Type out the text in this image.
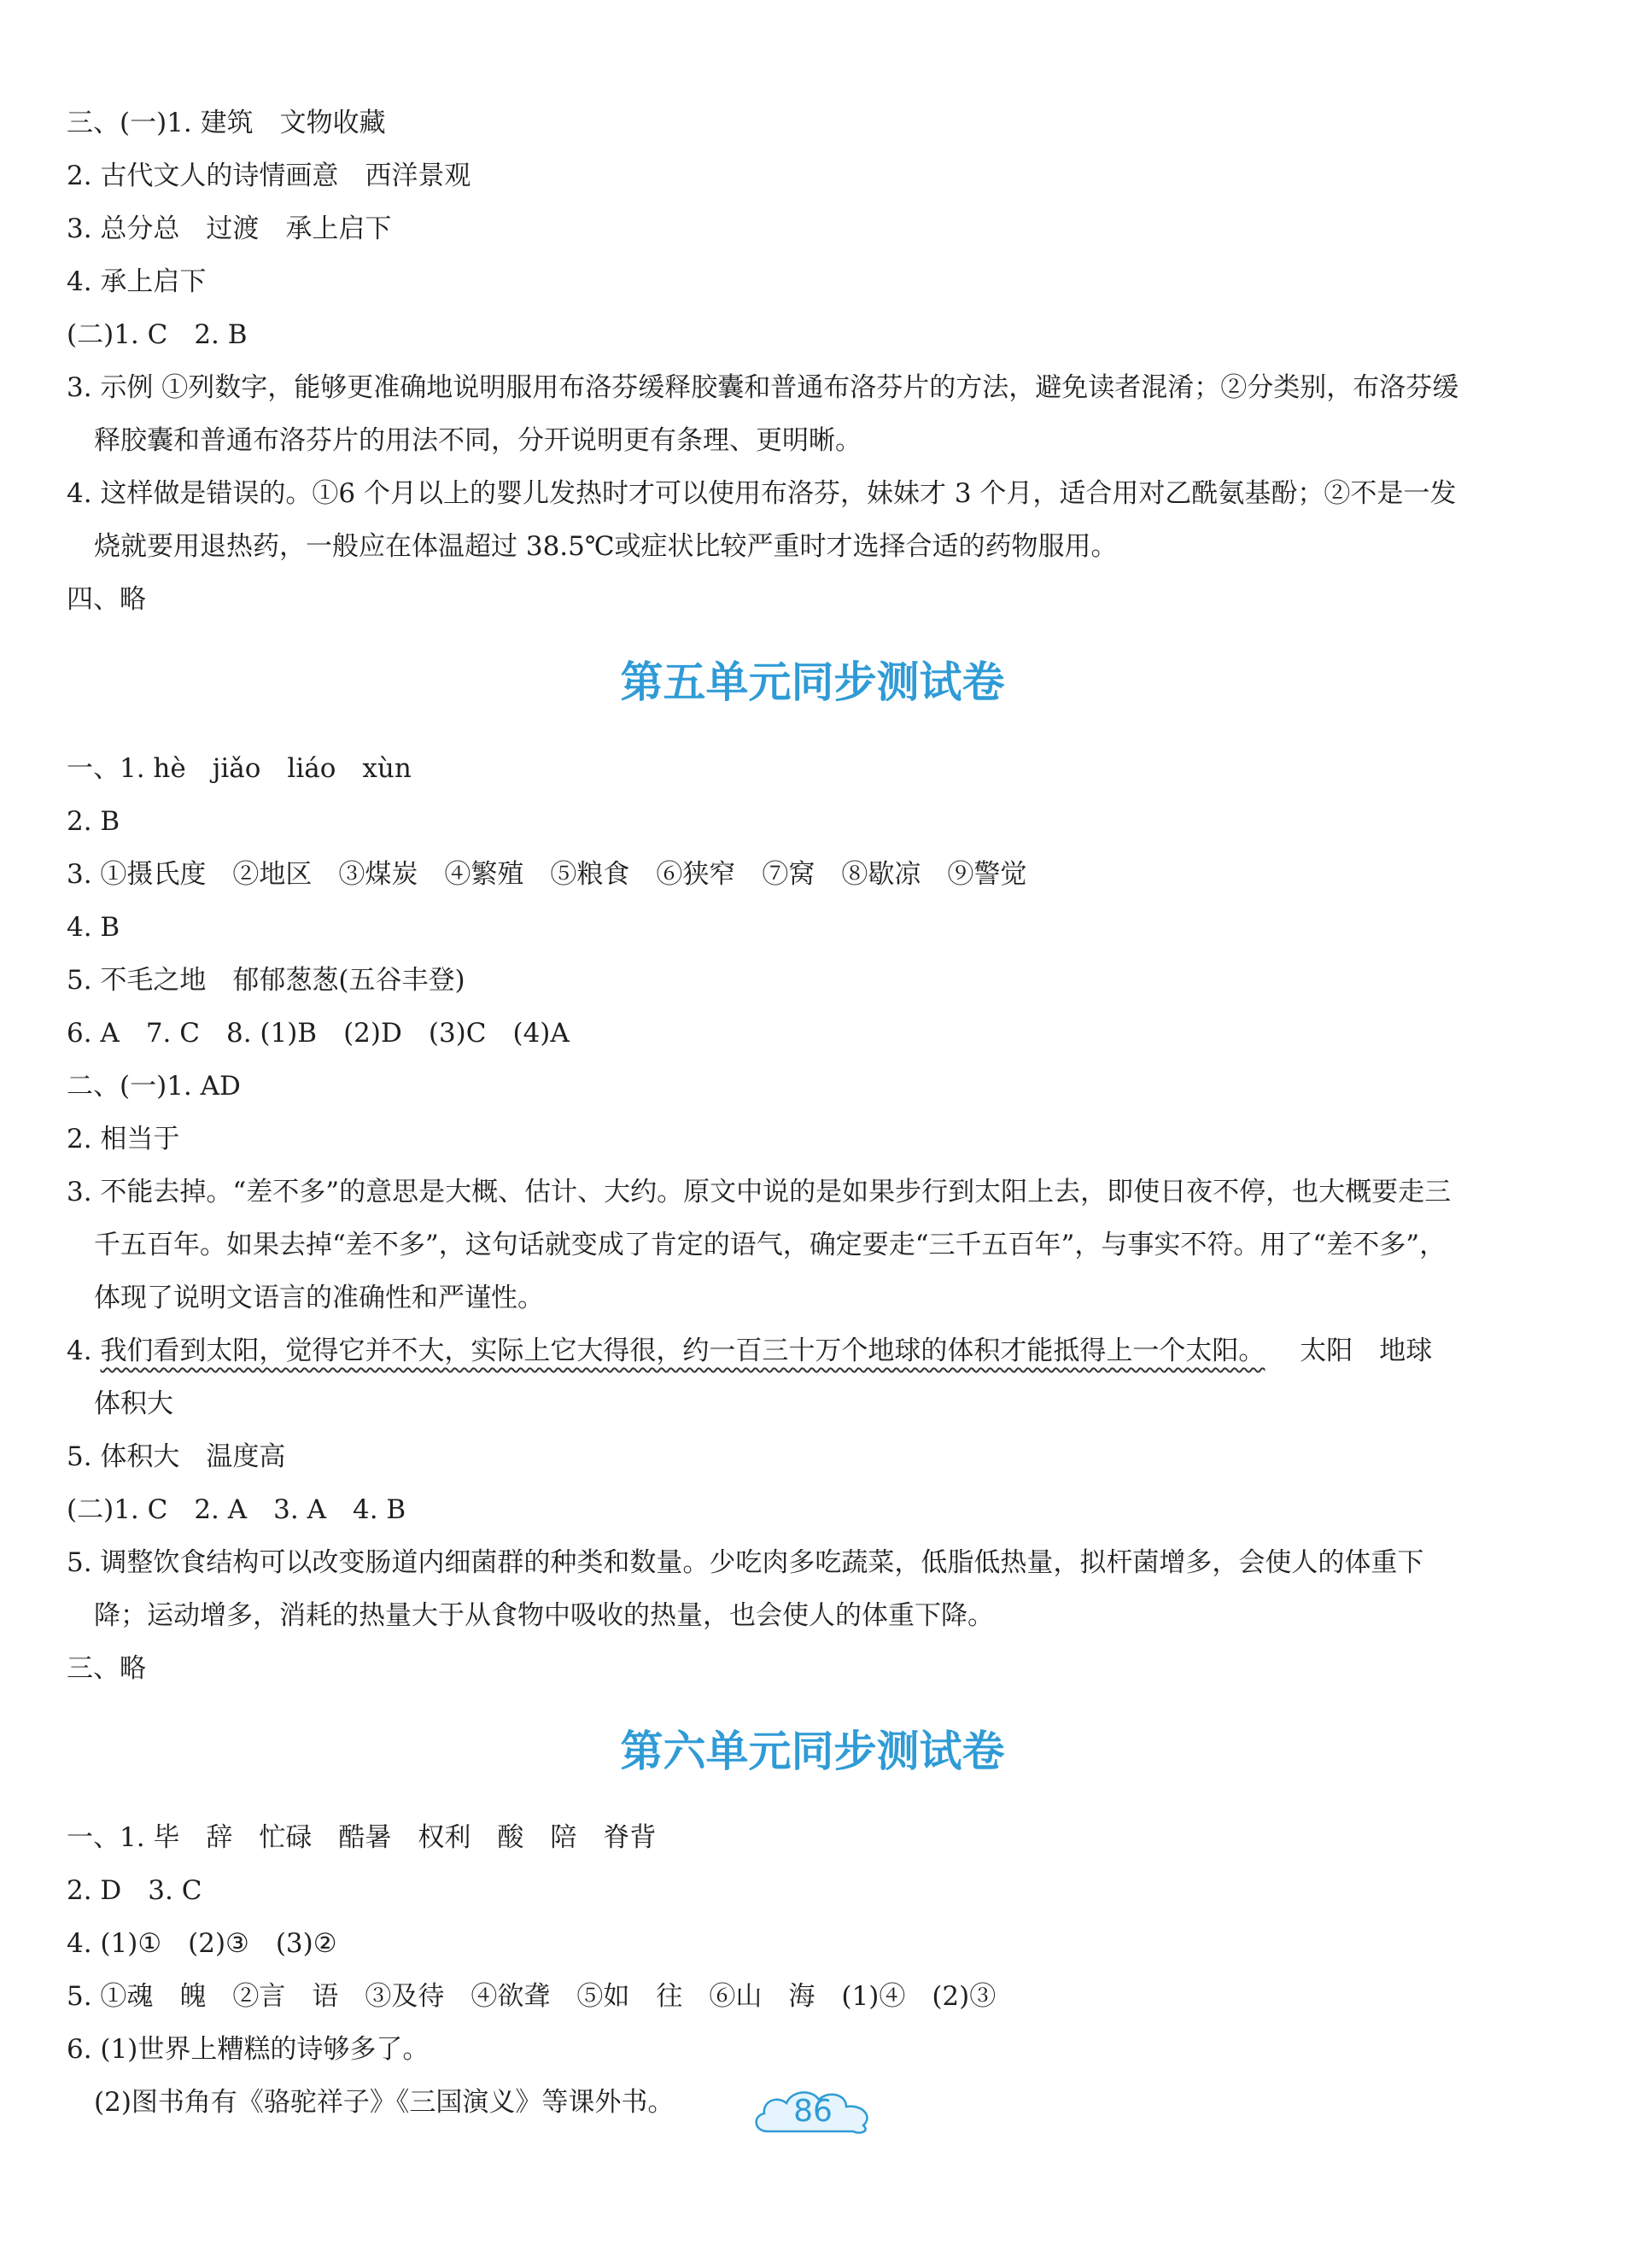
三、(一)1. 建筑　文物收藏
2. 古代文人的诗情画意　西洋景观
3. 总分总　过渡　承上启下
4. 承上启下
(二)1. C　2. B
3. 示例 ①列数字，能够更准确地说明服用布洛芬缓释胶囊和普通布洛芬片的方法，避免读者混淆；②分类别，布洛芬缓
释胶囊和普通布洛芬片的用法不同，分开说明更有条理、更明晰。
4. 这样做是错误的。①6 个月以上的婴儿发热时才可以使用布洛芬，妹妹才 3 个月，适合用对乙酰氨基酚；②不是一发
烧就要用退热药，一般应在体温超过 38.5℃或症状比较严重时才选择合适的药物服用。
四、略
第五单元同步测试卷
一、1. hè　jiǎo　liáo　xùn
2. B
3. ①摄氏度　②地区　③煤炭　④繁殖　⑤粮食　⑥狭窄　⑦窝　⑧歇凉　⑨警觉
4. B
5. 不毛之地　郁郁葱葱(五谷丰登)
6. A　7. C　8. (1)B　(2)D　(3)C　(4)A
二、(一)1. AD
2. 相当于
3. 不能去掉。“差不多”的意思是大概、估计、大约。原文中说的是如果步行到太阳上去，即使日夜不停，也大概要走三
千五百年。如果去掉“差不多”，这句话就变成了肯定的语气，确定要走“三千五百年”，与事实不符。用了“差不多”，
体现了说明文语言的准确性和严谨性。
4. 我们看到太阳，觉得它并不大，实际上它大得很，约一百三十万个地球的体积才能抵得上一个太阳。 　太阳　地球
体积大
5. 体积大　温度高
(二)1. C　2. A　3. A　4. B
5. 调整饮食结构可以改变肠道内细菌群的种类和数量。少吃肉多吃蔬菜，低脂低热量，拟杆菌增多，会使人的体重下
降；运动增多，消耗的热量大于从食物中吸收的热量，也会使人的体重下降。
三、略
第六单元同步测试卷
一、1. 毕　辞　忙碌　酷暑　权利　酸　陪　脊背
2. D　3. C
4. (1)①　(2)③　(3)②
5. ①魂　魄　②言　语　③及待　④欲聋　⑤如　往　⑥山　海　(1)④　(2)③
6. (1)世界上糟糕的诗够多了。
(2)图书角有《骆驼祥子》《三国演义》等课外书。	86
